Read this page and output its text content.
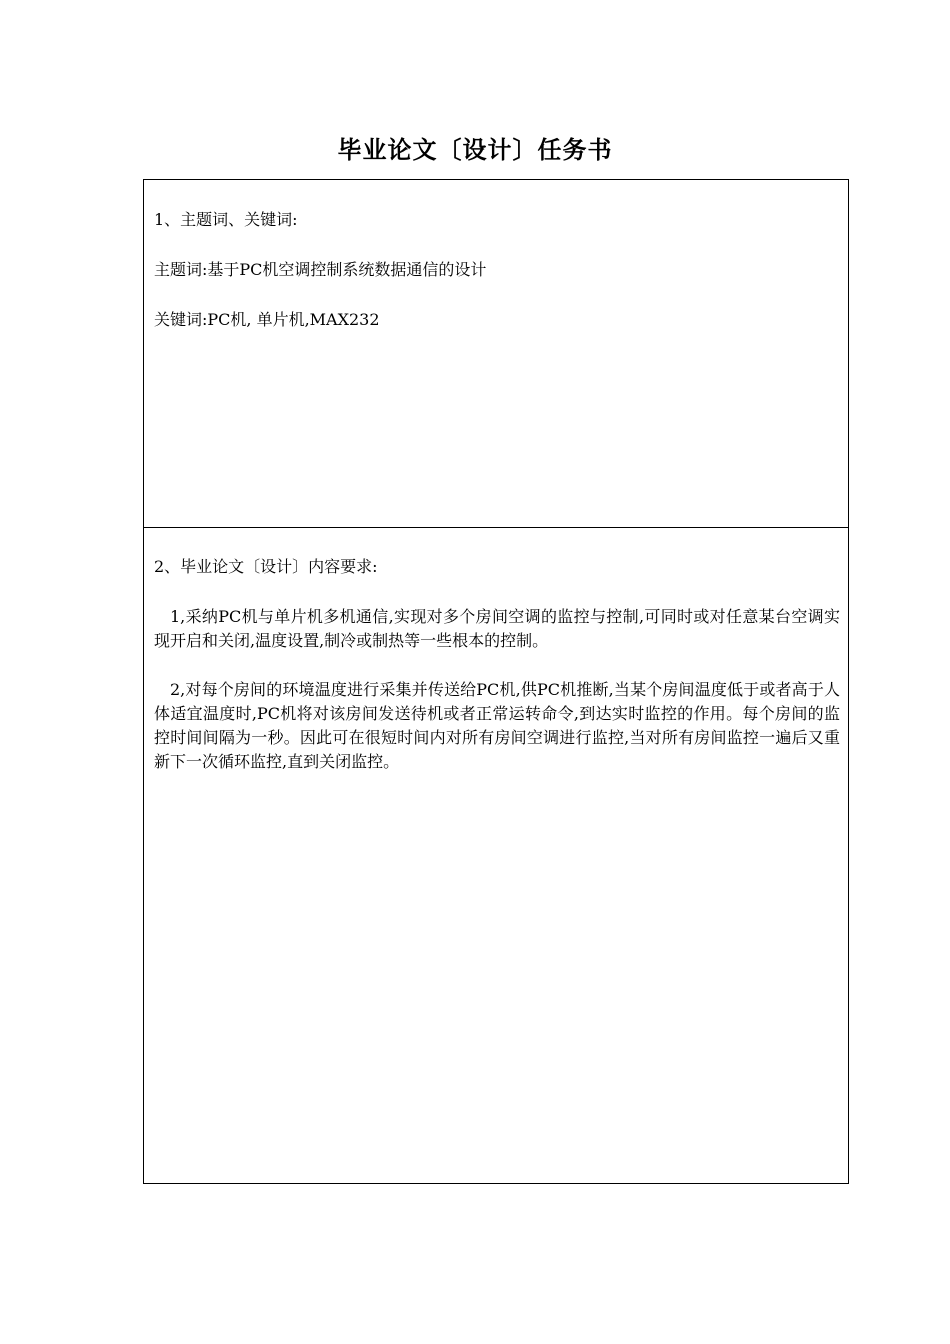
毕业论文〔设计〕任务书

1、主题词、关键词:

主题词:基于PC机空调控制系统数据通信的设计

关键词:PC机, 单片机,MAX232

2、毕业论文〔设计〕内容要求:

1,采纳PC机与单片机多机通信,实现对多个房间空调的监控与控制,可同时或对任意某台空调实现开启和关闭,温度设置,制冷或制热等一些根本的控制。

2,对每个房间的环境温度进行采集并传送给PC机,供PC机推断,当某个房间温度低于或者高于人体适宜温度时,PC机将对该房间发送待机或者正常运转命令,到达实时监控的作用。每个房间的监控时间间隔为一秒。因此可在很短时间内对所有房间空调进行监控,当对所有房间监控一遍后又重新下一次循环监控,直到关闭监控。
